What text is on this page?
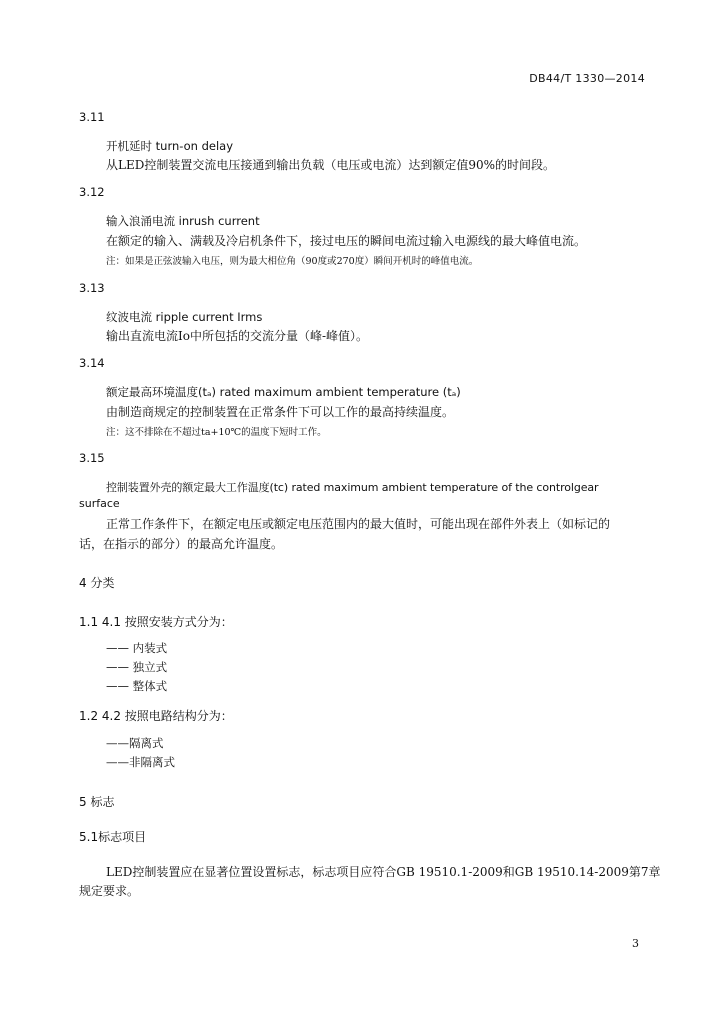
DB44/T 1330—2014
3.11
开机延时 turn-on delay
从LED控制装置交流电压接通到输出负载（电压或电流）达到额定值90%的时间段。
3.12
输入浪涌电流 inrush current
在额定的输入、满载及冷启机条件下，接过电压的瞬间电流过输入电源线的最大峰值电流。
注：如果是正弦波输入电压，则为最大相位角（90度或270度）瞬间开机时的峰值电流。
3.13
纹波电流 ripple current Irms
输出直流电流Io中所包括的交流分量（峰-峰值）。
3.14
额定最高环境温度(tₐ) rated maximum ambient temperature (tₐ)
由制造商规定的控制装置在正常条件下可以工作的最高持续温度。
注：这不排除在不超过ta+10℃的温度下短时工作。
3.15
控制装置外壳的额定最大工作温度(tc) rated maximum ambient temperature of the controlgear
surface
正常工作条件下，在额定电压或额定电压范围内的最大值时，可能出现在部件外表上（如标记的
话，在指示的部分）的最高允许温度。
4 分类
1.1 4.1 按照安装方式分为：
—— 内装式
—— 独立式
—— 整体式
1.2 4.2 按照电路结构分为：
——隔离式
——非隔离式
5 标志
5.1标志项目
LED控制装置应在显著位置设置标志，标志项目应符合GB 19510.1-2009和GB 19510.14-2009第7章
规定要求。
3
